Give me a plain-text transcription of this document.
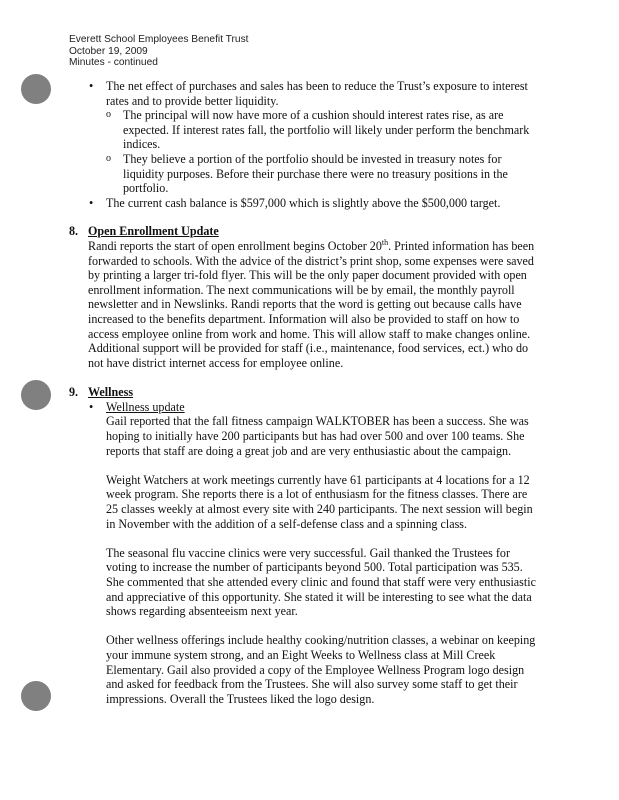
Everett School Employees Benefit Trust
October 19, 2009
Minutes - continued
• The net effect of purchases and sales has been to reduce the Trust’s exposure to interest rates and to provide better liquidity.
o The principal will now have more of a cushion should interest rates rise, as are expected. If interest rates fall, the portfolio will likely under perform the benchmark indices.
o They believe a portion of the portfolio should be invested in treasury notes for liquidity purposes. Before their purchase there were no treasury positions in the portfolio.
• The current cash balance is $597,000 which is slightly above the $500,000 target.
8. Open Enrollment Update
Randi reports the start of open enrollment begins October 20th. Printed information has been forwarded to schools. With the advice of the district’s print shop, some expenses were saved by printing a larger tri-fold flyer. This will be the only paper document provided with open enrollment information. The next communications will be by email, the monthly payroll newsletter and in Newslinks. Randi reports that the word is getting out because calls have increased to the benefits department. Information will also be provided to staff on how to access employee online from work and home. This will allow staff to make changes online. Additional support will be provided for staff (i.e., maintenance, food services, ect.) who do not have district internet access for employee online.
9. Wellness
• Wellness update
Gail reported that the fall fitness campaign WALKTOBER has been a success. She was hoping to initially have 200 participants but has had over 500 and over 100 teams. She reports that staff are doing a great job and are very enthusiastic about the campaign.
Weight Watchers at work meetings currently have 61 participants at 4 locations for a 12 week program. She reports there is a lot of enthusiasm for the fitness classes. There are 25 classes weekly at almost every site with 240 participants. The next session will begin in November with the addition of a self-defense class and a spinning class.
The seasonal flu vaccine clinics were very successful. Gail thanked the Trustees for voting to increase the number of participants beyond 500. Total participation was 535. She commented that she attended every clinic and found that staff were very enthusiastic and appreciative of this opportunity. She stated it will be interesting to see what the data shows regarding absenteeism next year.
Other wellness offerings include healthy cooking/nutrition classes, a webinar on keeping your immune system strong, and an Eight Weeks to Wellness class at Mill Creek Elementary. Gail also provided a copy of the Employee Wellness Program logo design and asked for feedback from the Trustees. She will also survey some staff to get their impressions. Overall the Trustees liked the logo design.
